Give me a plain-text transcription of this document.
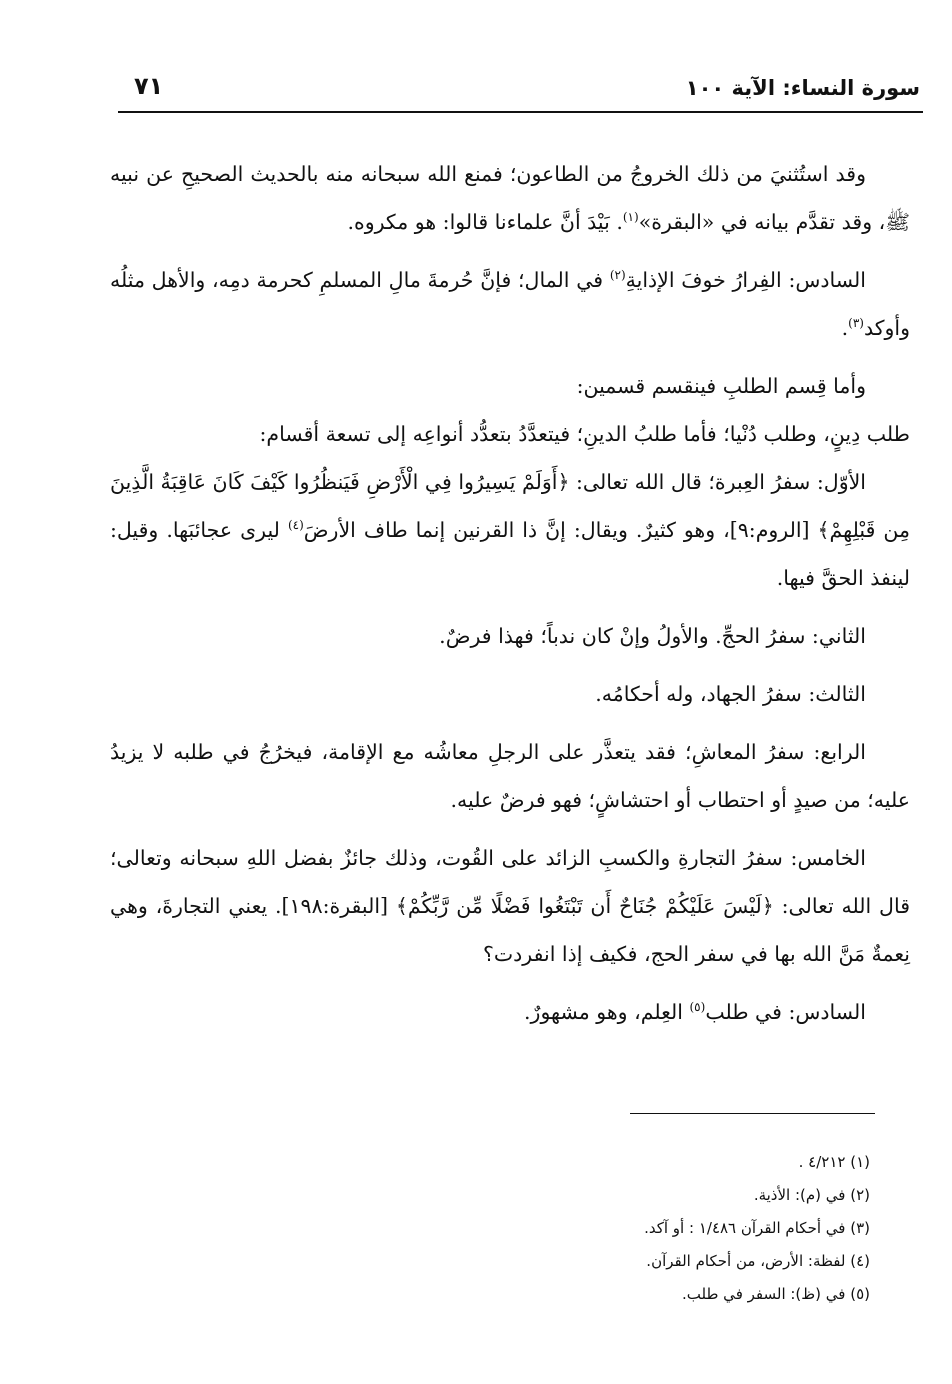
سورة النساء: الآية ١٠٠
٧١

وقد استُثنيَ من ذلك الخروجُ من الطاعون؛ فمنع الله سبحانه منه بالحديث الصحيحِ عن نبيه ﷺ، وقد تقدَّم بيانه في «البقرة»$^{(١)}$. بَيْدَ أنَّ علماءنا قالوا: هو مكروه.

السادس: الفِرارُ خوفَ الإذايةِ$^{(٢)}$ في المال؛ فإنَّ حُرمةَ مالِ المسلمِ كحرمة دمِه، والأهل مثلُه وأوكد$^{(٣)}$.

وأما قِسم الطلبِ فينقسم قسمين:

طلب دِينٍ، وطلب دُنْيا؛ فأما طلبُ الدينِ؛ فيتعدَّدُ بتعدُّد أنواعِه إلى تسعة أقسام:

الأوّل: سفرُ العِبرة؛ قال الله تعالى: ﴿أَوَلَمْ يَسِيرُوا فِي الْأَرْضِ فَيَنظُرُوا كَيْفَ كَانَ عَاقِبَةُ الَّذِينَ مِن قَبْلِهِمْ﴾ [الروم:٩]، وهو كثيرٌ. ويقال: إنَّ ذا القرنين إنما طاف الأرضَ$^{(٤)}$ ليرى عجائبَها. وقيل: لينفذ الحقَّ فيها.

الثاني: سفرُ الحجِّ. والأولُ وإنْ كان ندباً؛ فهذا فرضٌ.

الثالث: سفرُ الجهاد، وله أحكامُه.

الرابع: سفرُ المعاشِ؛ فقد يتعذَّر على الرجلِ معاشُه مع الإقامة، فيخرُجُ في طلبه لا يزيدُ عليه؛ من صيدٍ أو احتطاب أو احتشاشٍ؛ فهو فرضٌ عليه.

الخامس: سفرُ التجارةِ والكسبِ الزائد على القُوت، وذلك جائزٌ بفضل اللهِ سبحانه وتعالى؛ قال الله تعالى: ﴿لَيْسَ عَلَيْكُمْ جُنَاحٌ أَن تَبْتَغُوا فَضْلًا مِّن رَّبِّكُمْ﴾ [البقرة:١٩٨]. يعني التجارةَ، وهي نِعمةٌ مَنَّ الله بها في سفر الحج، فكيف إذا انفردت؟

السادس: في طلب$^{(٥)}$ العِلم، وهو مشهورٌ.

(١) ٤/٢١٢ .

(٢) في (م): الأذية.

(٣) في أحكام القرآن ١/٤٨٦ : أو آكد.

(٤) لفظة: الأرض، من أحكام القرآن.

(٥) في (ظ): السفر في طلب.
